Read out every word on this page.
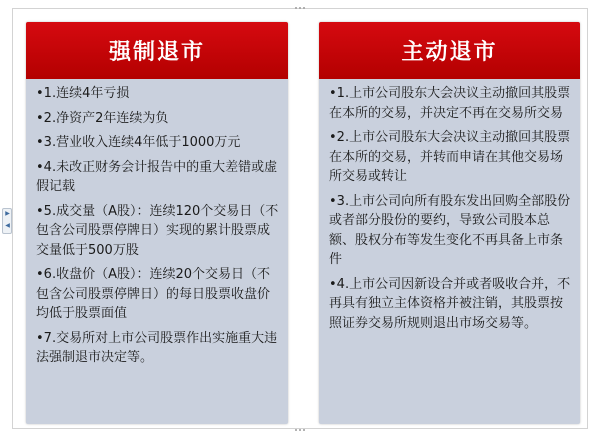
▶
◀
强制退市
•1.连续4年亏损
•2.净资产2年连续为负
•3.营业收入连续4年低于1000万元
•4.未改正财务会计报告中的重大差错或虚假记载
•5.成交量（A股）：连续120个交易日（不包含公司股票停牌日）实现的累计股票成交量低于500万股
•6.收盘价（A股）：连续20个交易日（不包含公司股票停牌日）的每日股票收盘价均低于股票面值
•7.交易所对上市公司股票作出实施重大违法强制退市决定等。
主动退市
•1.上市公司股东大会决议主动撤回其股票在本所的交易，并决定不再在交易所交易
•2.上市公司股东大会决议主动撤回其股票在本所的交易，并转而申请在其他交易场所交易或转让
•3.上市公司向所有股东发出回购全部股份或者部分股份的要约，导致公司股本总额、股权分布等发生变化不再具备上市条件
•4.上市公司因新设合并或者吸收合并，不再具有独立主体资格并被注销，其股票按照证券交易所规则退出市场交易等。
